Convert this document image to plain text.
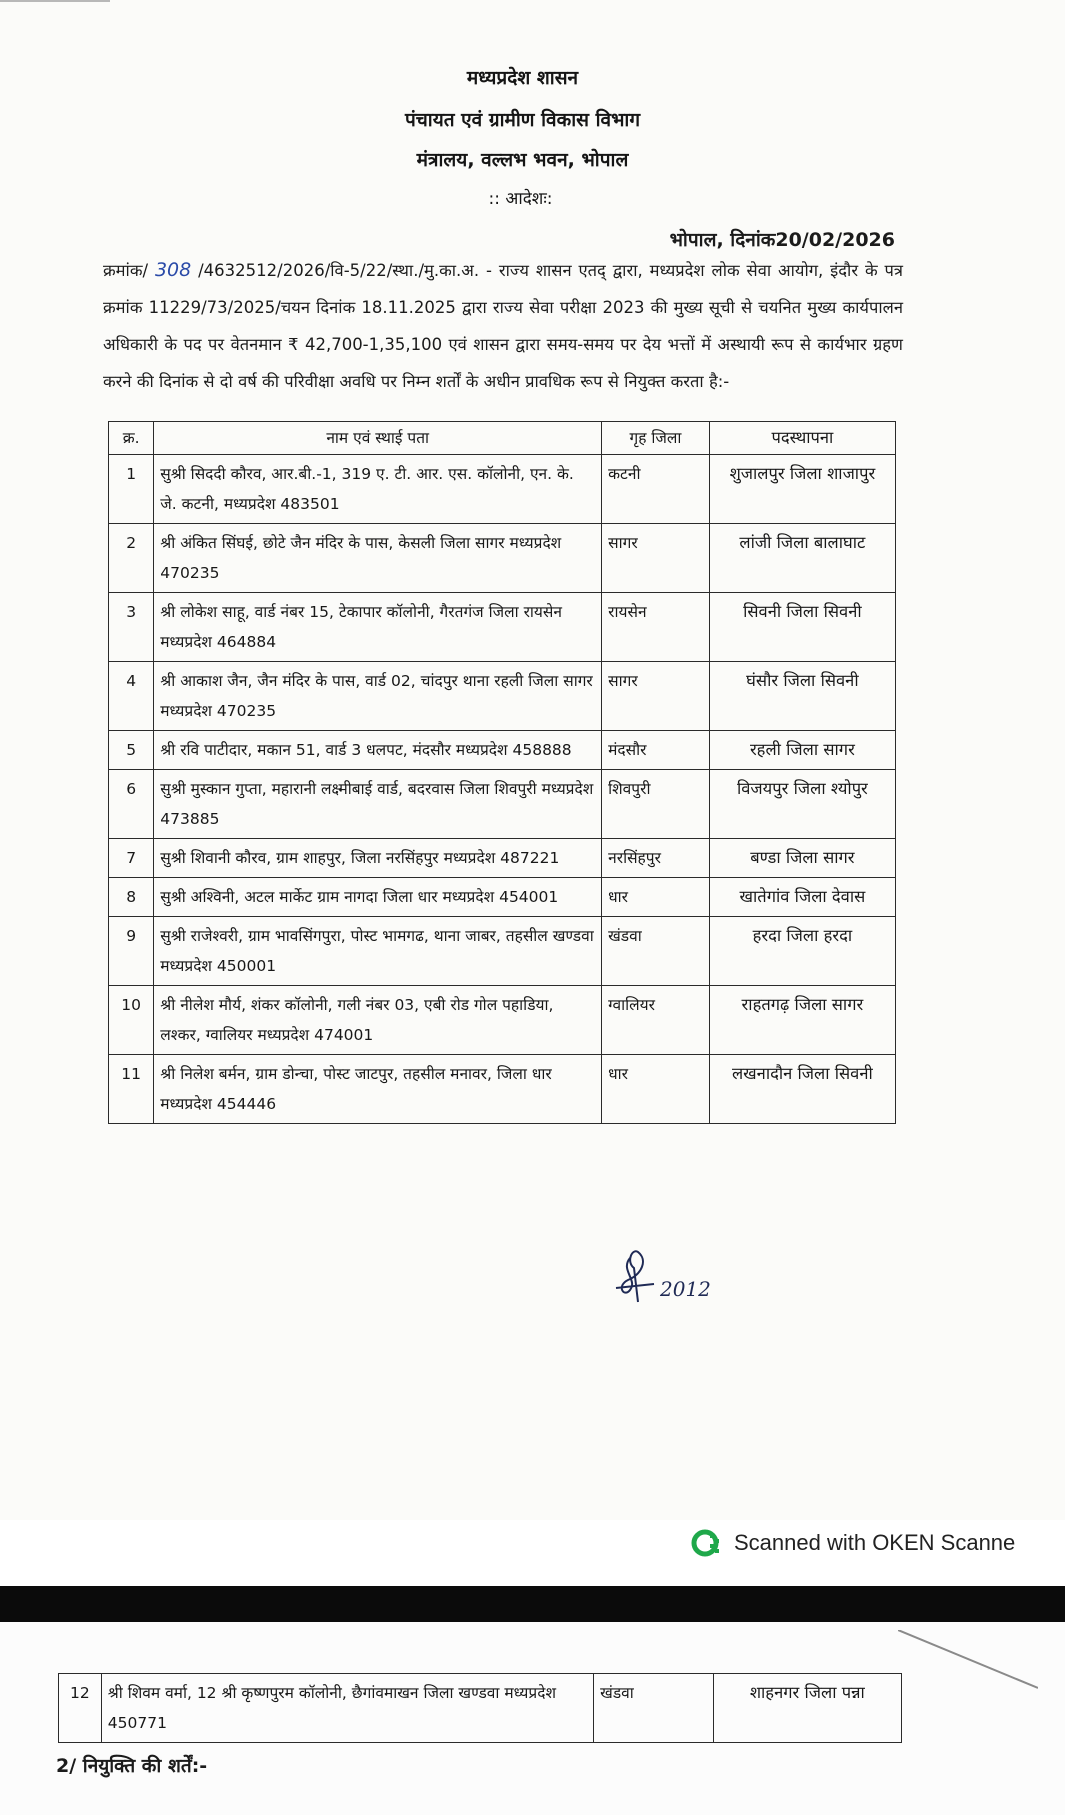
मध्यप्रदेश शासन
पंचायत एवं ग्रामीण विकास विभाग
मंत्रालय, वल्लभ भवन, भोपाल
:: आदेशः:
भोपाल, दिनांक20/02/2026
क्रमांक/ 308 /4632512/2026/वि-5/22/स्था./मु.का.अ. - राज्य शासन एतद् द्वारा, मध्यप्रदेश लोक सेवा आयोग, इंदौर के पत्र क्रमांक 11229/73/2025/चयन दिनांक 18.11.2025 द्वारा राज्य सेवा परीक्षा 2023 की मुख्य सूची से चयनित मुख्य कार्यपालन अधिकारी के पद पर वेतनमान ₹ 42,700-1,35,100 एवं शासन द्वारा समय-समय पर देय भत्तों में अस्थायी रूप से कार्यभार ग्रहण करने की दिनांक से दो वर्ष की परिवीक्षा अवधि पर निम्न शर्तों के अधीन प्रावधिक रूप से नियुक्त करता है:-
क्र.	नाम एवं स्थाई पता	गृह जिला	पदस्थापना
1	सुश्री सिददी कौरव, आर.बी.-1, 319 ए. टी. आर. एस. कॉलोनी, एन. के. जे. कटनी, मध्यप्रदेश 483501	कटनी	शुजालपुर जिला शाजापुर
2	श्री अंकित सिंघई, छोटे जैन मंदिर के पास, केसली जिला सागर मध्यप्रदेश 470235	सागर	लांजी जिला बालाघाट
3	श्री लोकेश साहू, वार्ड नंबर 15, टेकापार कॉलोनी, गैरतगंज जिला रायसेन मध्यप्रदेश 464884	रायसेन	सिवनी जिला सिवनी
4	श्री आकाश जैन, जैन मंदिर के पास, वार्ड 02, चांदपुर थाना रहली जिला सागर मध्यप्रदेश 470235	सागर	घंसौर जिला सिवनी
5	श्री रवि पाटीदार, मकान 51, वार्ड 3 धलपट, मंदसौर मध्यप्रदेश 458888	मंदसौर	रहली जिला सागर
6	सुश्री मुस्कान गुप्ता, महारानी लक्ष्मीबाई वार्ड, बदरवास जिला शिवपुरी मध्यप्रदेश 473885	शिवपुरी	विजयपुर जिला श्योपुर
7	सुश्री शिवानी कौरव, ग्राम शाहपुर, जिला नरसिंहपुर मध्यप्रदेश 487221	नरसिंहपुर	बण्डा जिला सागर
8	सुश्री अश्विनी, अटल मार्केट ग्राम नागदा जिला धार मध्यप्रदेश 454001	धार	खातेगांव जिला देवास
9	सुश्री राजेश्वरी, ग्राम भावसिंगपुरा, पोस्ट भामगढ, थाना जाबर, तहसील खण्डवा मध्यप्रदेश 450001	खंडवा	हरदा जिला हरदा
10	श्री नीलेश मौर्य, शंकर कॉलोनी, गली नंबर 03, एबी रोड गोल पहाडिया, लश्कर, ग्वालियर मध्यप्रदेश 474001	ग्वालियर	राहतगढ़ जिला सागर
11	श्री निलेश बर्मन, ग्राम डोन्चा, पोस्ट जाटपुर, तहसील मनावर, जिला धार मध्यप्रदेश 454446	धार	लखनादौन जिला सिवनी
2012
Scanned with OKEN Scanne
12	श्री शिवम वर्मा, 12 श्री कृष्णपुरम कॉलोनी, छैगांवमाखन जिला खण्डवा मध्यप्रदेश 450771	खंडवा	शाहनगर जिला पन्ना
2/ नियुक्ति की शर्तें:-
